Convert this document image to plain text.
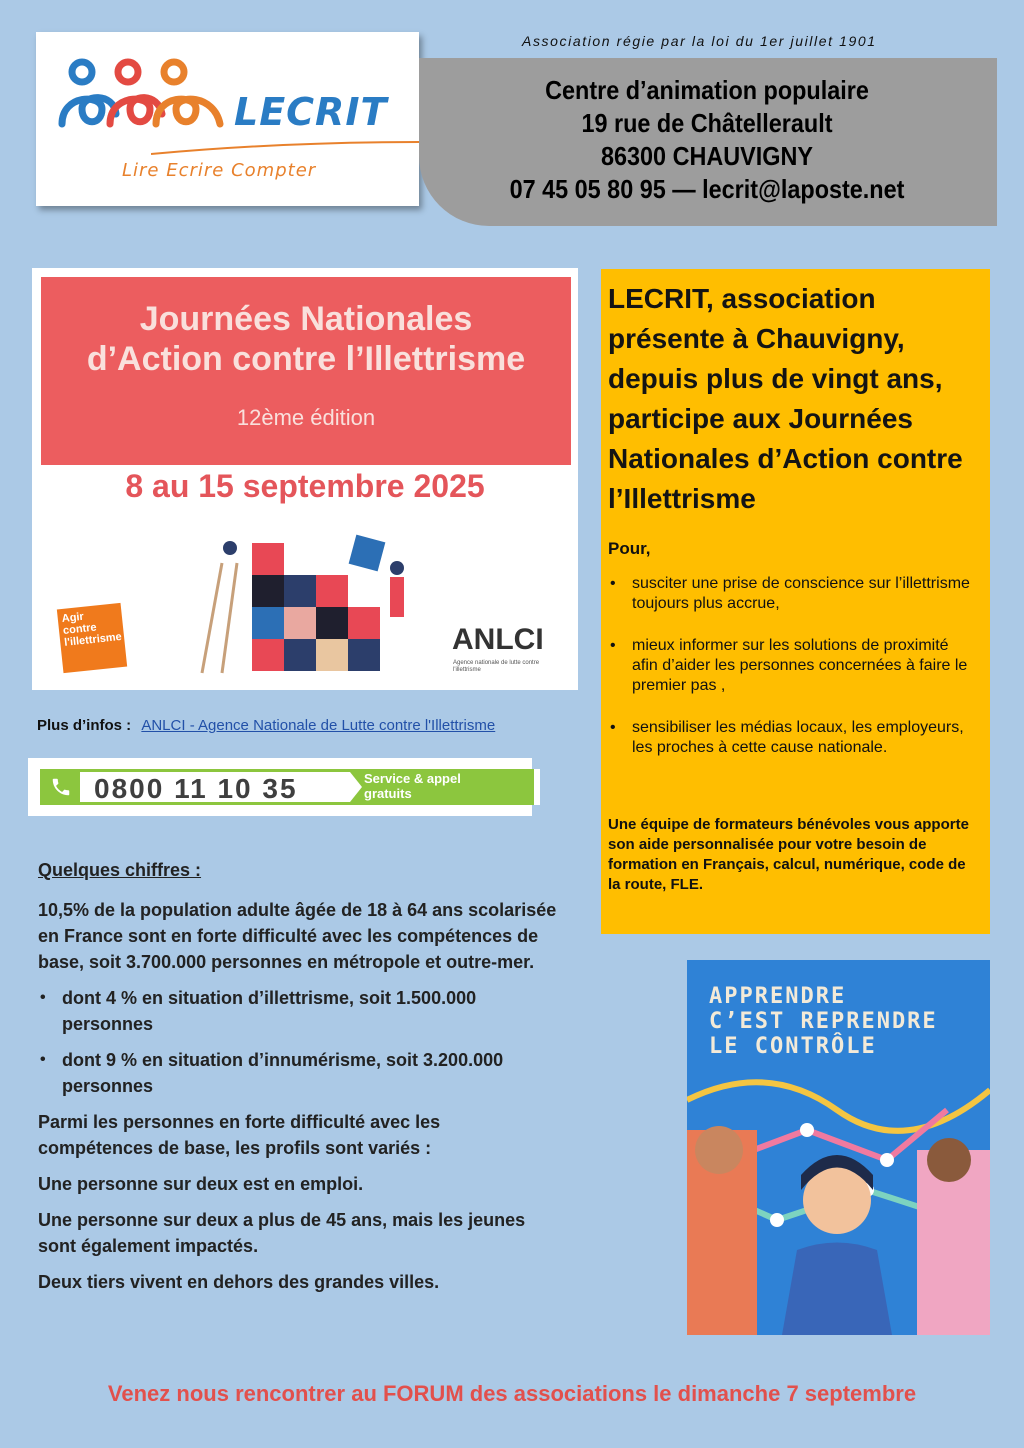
LECRIT
Lire Ecrire Compter
Association régie par la loi du 1er juillet 1901
Centre d’animation populaire
19 rue de Châtellerault
86300 CHAUVIGNY
07 45 05 80 95 — lecrit@laposte.net
Journées Nationales
d’Action contre l’Illettrisme
12ème édition
8 au 15 septembre 2025
Agir contre l'illettrisme	ANLCI
Agence nationale de lutte contre l'illettrisme
Plus d’infos : ANLCI - Agence Nationale de Lutte contre l'Illettrisme
0800 11 10 35	Service & appel
gratuits
Quelques chiffres :
10,5% de la population adulte âgée de 18 à 64 ans scolarisée en France sont en forte difficulté avec les compétences de base, soit 3.700.000 personnes en métropole et outre-mer.
• dont 4 % en situation d’illettrisme, soit 1.500.000 personnes
• dont 9 % en situation d’innumérisme, soit 3.200.000 personnes
Parmi les personnes en forte difficulté avec les compétences de base, les profils sont variés :
Une personne sur deux est en emploi.
Une personne sur deux a plus de 45 ans, mais les jeunes sont également impactés.
Deux tiers vivent en dehors des grandes villes.
LECRIT, association présente à Chauvigny, depuis plus de vingt ans, participe aux Journées Nationales d’Action contre l’Illettrisme
Pour,
• susciter une prise de conscience sur l’illettrisme toujours plus accrue,
• mieux informer sur les solutions de proximité afin d’aider les personnes concernées à faire le premier pas ,
• sensibiliser les médias locaux, les employeurs, les proches à cette cause nationale.
Une équipe de formateurs bénévoles vous apporte son aide personnalisée pour votre besoin de formation en Français, calcul, numérique, code de la route, FLE.
APPRENDRE
C’EST REPRENDRE
LE CONTRÔLE
Venez nous rencontrer au FORUM des associations le dimanche 7 septembre
